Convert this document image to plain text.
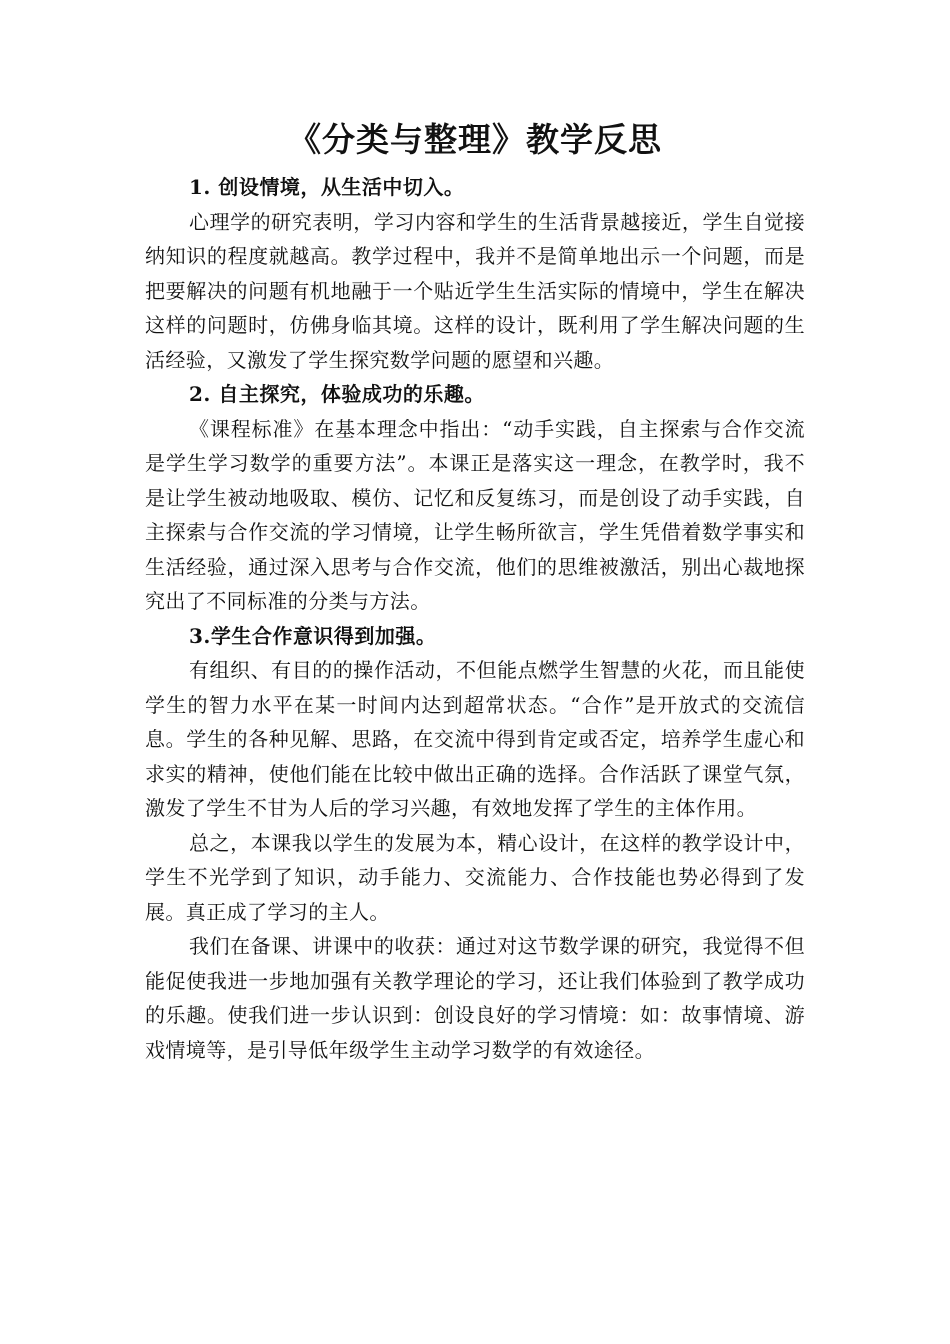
《分类与整理》教学反思

1. 创设情境，从生活中切入。

心理学的研究表明，学习内容和学生的生活背景越接近，学生自觉接纳知识的程度就越高。教学过程中，我并不是简单地出示一个问题，而是把要解决的问题有机地融于一个贴近学生生活实际的情境中，学生在解决这样的问题时，仿佛身临其境。这样的设计，既利用了学生解决问题的生活经验，又激发了学生探究数学问题的愿望和兴趣。

2. 自主探究，体验成功的乐趣。

《课程标准》在基本理念中指出：“动手实践，自主探索与合作交流是学生学习数学的重要方法”。本课正是落实这一理念，在教学时，我不是让学生被动地吸取、模仿、记忆和反复练习，而是创设了动手实践，自主探索与合作交流的学习情境，让学生畅所欲言，学生凭借着数学事实和生活经验，通过深入思考与合作交流，他们的思维被激活，别出心裁地探究出了不同标准的分类与方法。

3.学生合作意识得到加强。

有组织、有目的的操作活动，不但能点燃学生智慧的火花，而且能使学生的智力水平在某一时间内达到超常状态。“合作”是开放式的交流信息。学生的各种见解、思路，在交流中得到肯定或否定，培养学生虚心和求实的精神，使他们能在比较中做出正确的选择。合作活跃了课堂气氛，激发了学生不甘为人后的学习兴趣，有效地发挥了学生的主体作用。

总之，本课我以学生的发展为本，精心设计，在这样的教学设计中，学生不光学到了知识，动手能力、交流能力、合作技能也势必得到了发展。真正成了学习的主人。

我们在备课、讲课中的收获：通过对这节数学课的研究，我觉得不但能促使我进一步地加强有关教学理论的学习，还让我们体验到了教学成功的乐趣。使我们进一步认识到：创设良好的学习情境：如：故事情境、游戏情境等，是引导低年级学生主动学习数学的有效途径。
